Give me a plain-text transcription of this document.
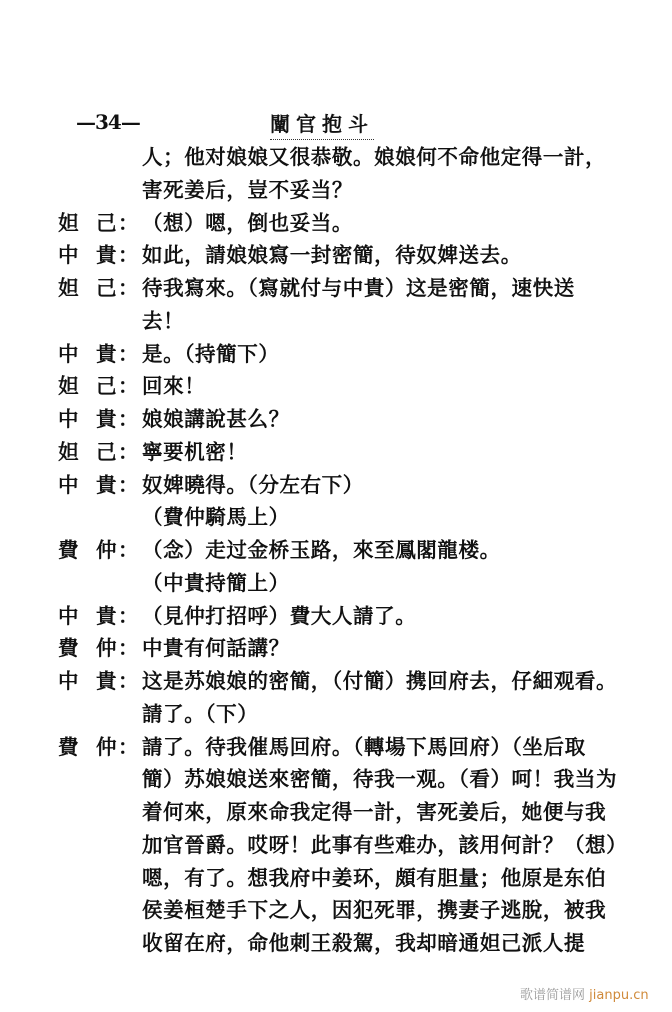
—34—	闡官抱斗
人；他对娘娘又很恭敬。娘娘何不命他定得一計，
害死姜后，豈不妥当？
妲 己 ： （想）嗯，倒也妥当。
中 貴 ： 如此，請娘娘寫一封密簡，待奴婢送去。
妲 己 ： 待我寫來。（寫就付与中貴）这是密簡，速快送
去！
中 貴 ： 是。（持簡下）
妲 己 ： 回來！
中 貴 ： 娘娘講說甚么？
妲 己 ： 寧要机密！
中 貴 ： 奴婢曉得。（分左右下）
（費仲騎馬上）
費 仲 ： （念）走过金桥玉路，來至鳳閣龍楼。
（中貴持簡上）
中 貴 ： （見仲打招呼）費大人請了。
費 仲 ： 中貴有何話講？
中 貴 ： 这是苏娘娘的密簡，（付簡）携回府去，仔細观看。
請了。（下）
費 仲 ： 請了。待我催馬回府。（轉場下馬回府）（坐后取
簡）苏娘娘送來密簡，待我一观。（看）呵！我当为
着何來，原來命我定得一計，害死姜后，她便与我
加官晉爵。哎呀！此事有些难办，該用何計？（想）
嗯，有了。想我府中姜环，頗有胆量；他原是东伯
侯姜桓楚手下之人，因犯死罪，携妻子逃脫，被我
收留在府，命他刺王殺駕，我却暗通妲己派人提
歌谱简谱网 jianpu.cn
